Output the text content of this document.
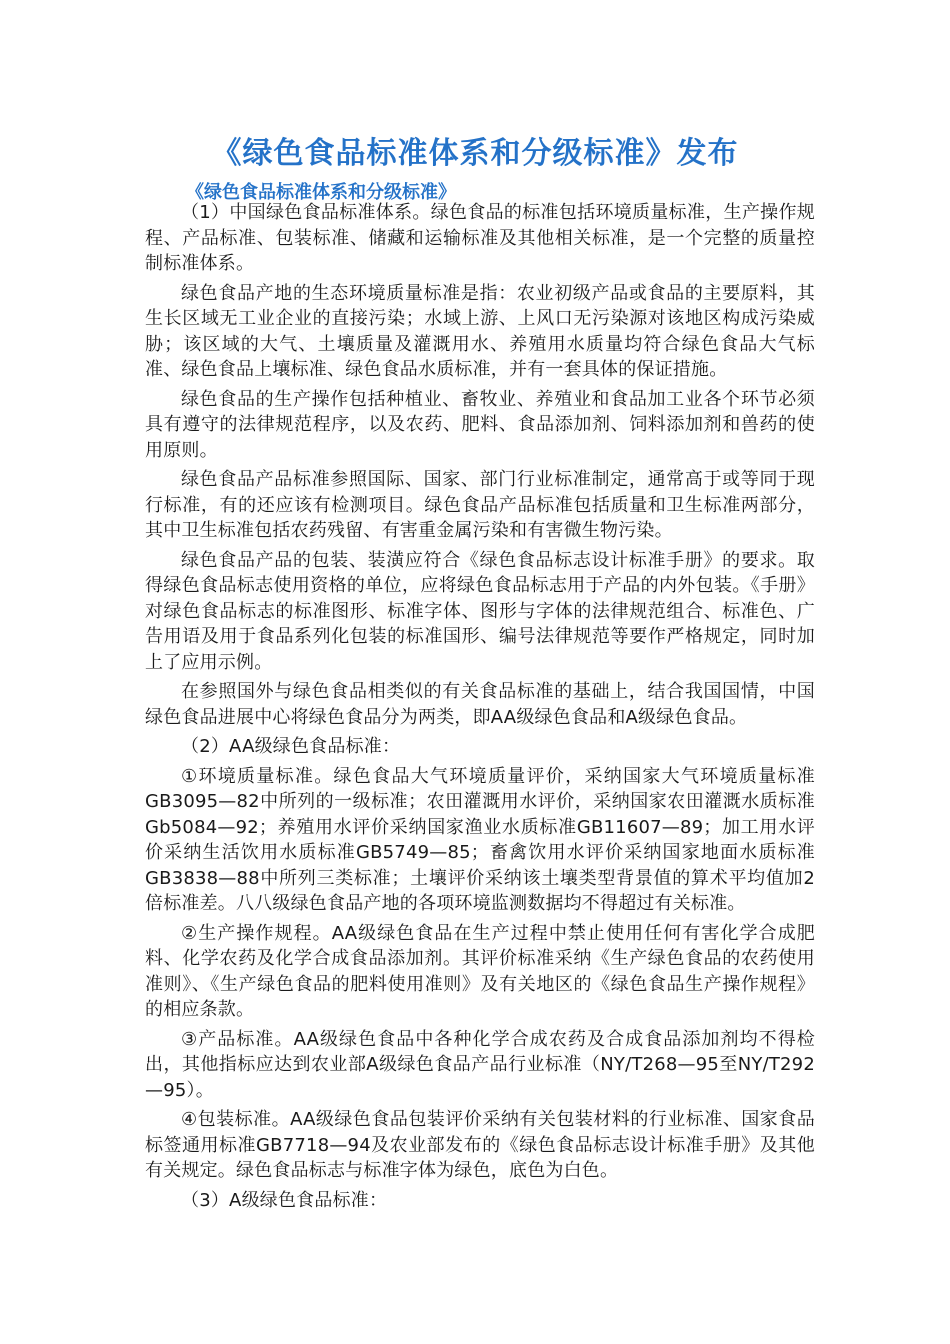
《绿色食品标准体系和分级标准》发布
《绿色食品标准体系和分级标准》

（1）中国绿色食品标准体系。绿色食品的标准包括环境质量标准，生产操作规程、产品标准、包装标准、储藏和运输标准及其他相关标准，是一个完整的质量控制标准体系。

绿色食品产地的生态环境质量标准是指：农业初级产品或食品的主要原料，其生长区域无工业企业的直接污染；水域上游、上风口无污染源对该地区构成污染威胁；该区域的大气、土壤质量及灌溉用水、养殖用水质量均符合绿色食品大气标准、绿色食品上壤标准、绿色食品水质标准，并有一套具体的保证措施。

绿色食品的生产操作包括种植业、畜牧业、养殖业和食品加工业各个环节必须具有遵守的法律规范程序，以及农药、肥料、食品添加剂、饲料添加剂和兽药的使用原则。

绿色食品产品标准参照国际、国家、部门行业标准制定，通常高于或等同于现行标准，有的还应该有检测项目。绿色食品产品标准包括质量和卫生标准两部分，其中卫生标准包括农药残留、有害重金属污染和有害微生物污染。

绿色食品产品的包装、装潢应符合《绿色食品标志设计标准手册》的要求。取得绿色食品标志使用资格的单位，应将绿色食品标志用于产品的内外包装。《手册》对绿色食品标志的标准图形、标准字体、图形与字体的法律规范组合、标准色、广告用语及用于食品系列化包装的标准国形、编号法律规范等要作严格规定，同时加上了应用示例。

在参照国外与绿色食品相类似的有关食品标准的基础上，结合我国国情，中国绿色食品进展中心将绿色食品分为两类，即AA级绿色食品和A级绿色食品。

（2）AA级绿色食品标准：

①环境质量标准。绿色食品大气环境质量评价，采纳国家大气环境质量标准GB3095—82中所列的一级标准；农田灌溉用水评价，采纳国家农田灌溉水质标准Gb5084—92；养殖用水评价采纳国家渔业水质标准GB11607—89；加工用水评价采纳生活饮用水质标准GB5749—85；畜禽饮用水评价采纳国家地面水质标准GB3838—88中所列三类标准；土壤评价采纳该土壤类型背景值的算术平均值加2倍标准差。八八级绿色食品产地的各项环境监测数据均不得超过有关标准。

②生产操作规程。AA级绿色食品在生产过程中禁止使用任何有害化学合成肥料、化学农药及化学合成食品添加剂。其评价标准采纳《生产绿色食品的农药使用准则》、《生产绿色食品的肥料使用准则》及有关地区的《绿色食品生产操作规程》的相应条款。

③产品标准。AA级绿色食品中各种化学合成农药及合成食品添加剂均不得检出，其他指标应达到农业部A级绿色食品产品行业标准（NY/T268—95至NY/T292—95）。

④包装标准。AA级绿色食品包装评价采纳有关包装材料的行业标准、国家食品标签通用标准GB7718—94及农业部发布的《绿色食品标志设计标准手册》及其他有关规定。绿色食品标志与标准字体为绿色，底色为白色。

（3）A级绿色食品标准：
